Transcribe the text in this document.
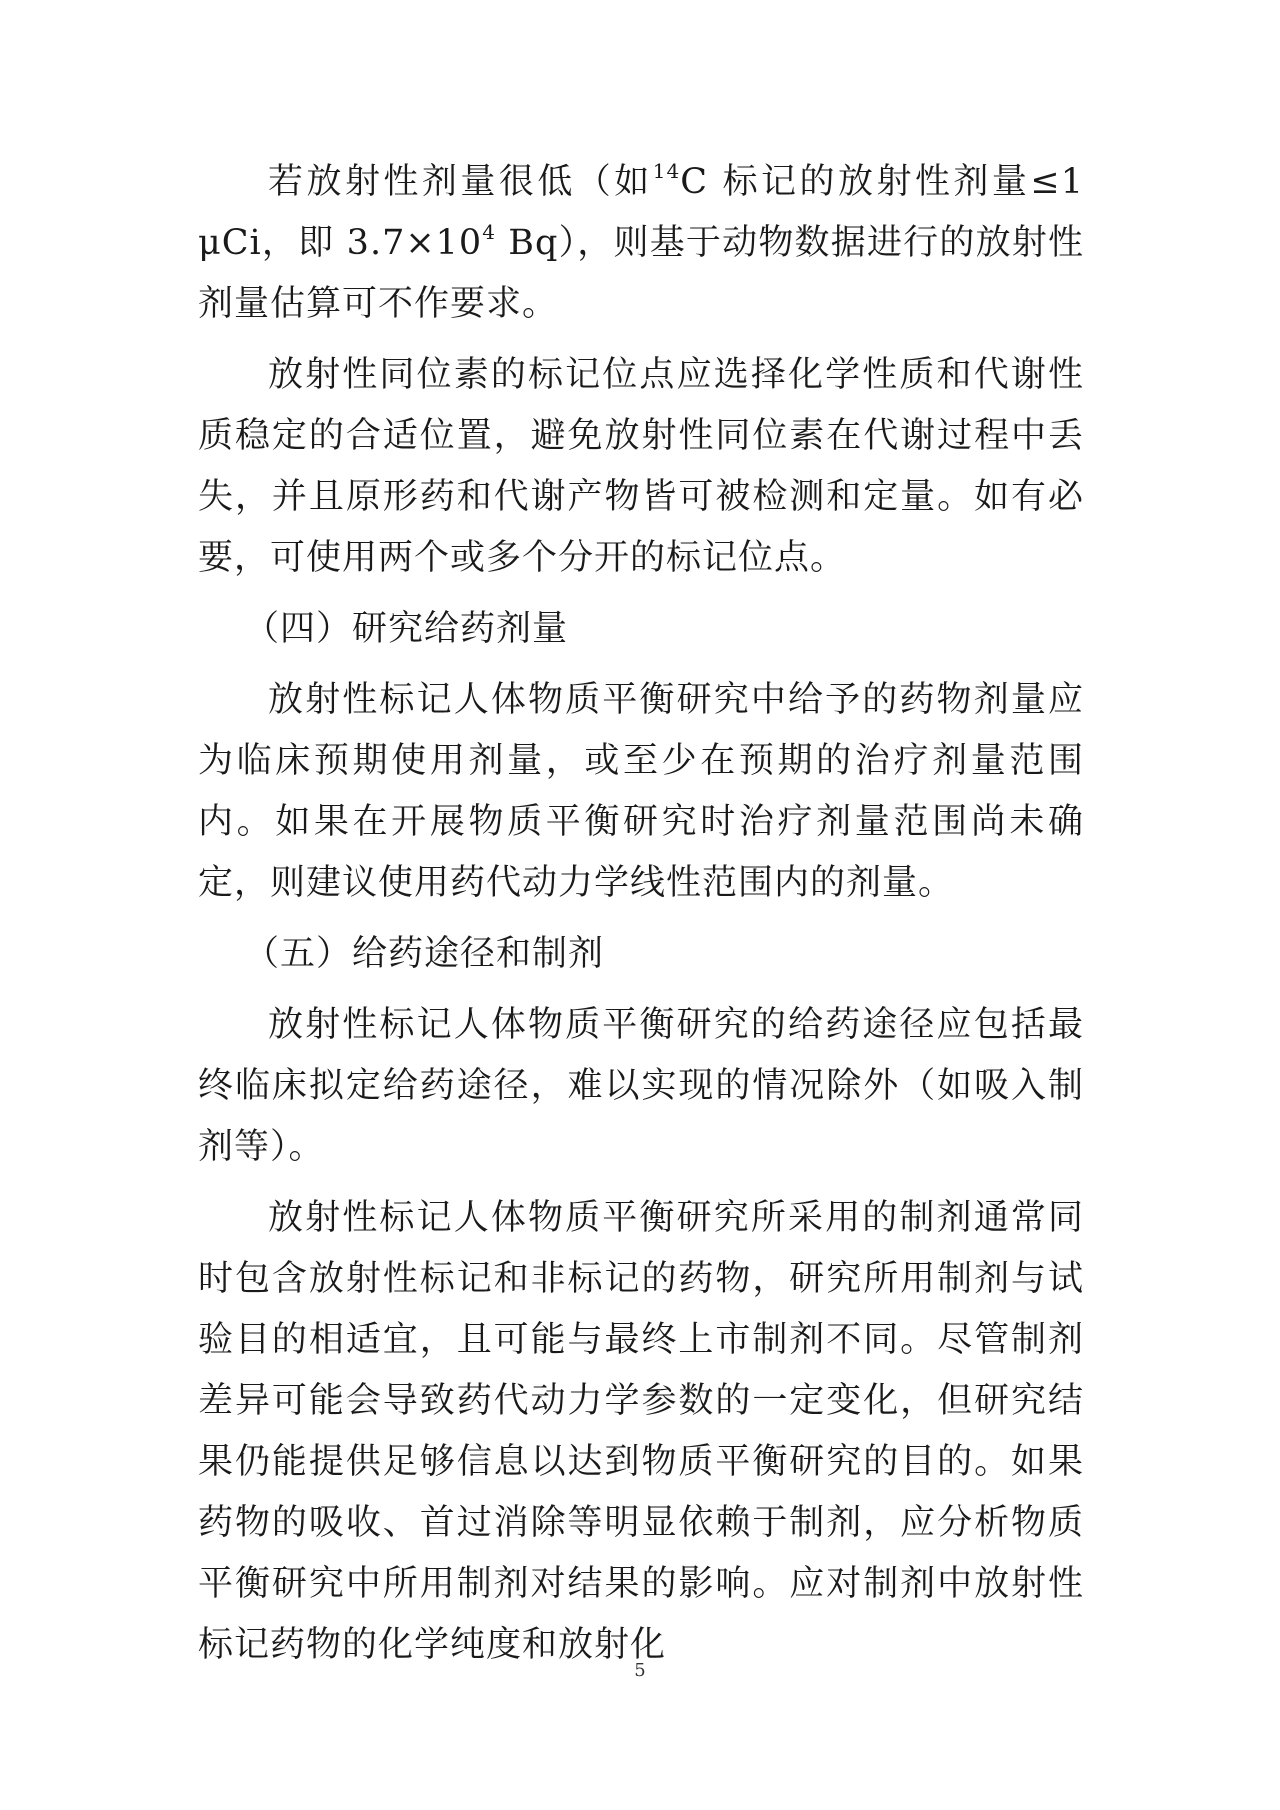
若放射性剂量很低（如$^{14}$C 标记的放射性剂量≤1 μCi，即 $3.7\times 10^4$ Bq），则基于动物数据进行的放射性剂量估算可不作要求。

放射性同位素的标记位点应选择化学性质和代谢性质稳定的合适位置，避免放射性同位素在代谢过程中丢失，并且原形药和代谢产物皆可被检测和定量。如有必要，可使用两个或多个分开的标记位点。

（四）研究给药剂量

放射性标记人体物质平衡研究中给予的药物剂量应为临床预期使用剂量，或至少在预期的治疗剂量范围内。如果在开展物质平衡研究时治疗剂量范围尚未确定，则建议使用药代动力学线性范围内的剂量。

（五）给药途径和制剂

放射性标记人体物质平衡研究的给药途径应包括最终临床拟定给药途径，难以实现的情况除外（如吸入制剂等）。

放射性标记人体物质平衡研究所采用的制剂通常同时包含放射性标记和非标记的药物，研究所用制剂与试验目的相适宜，且可能与最终上市制剂不同。尽管制剂差异可能会导致药代动力学参数的一定变化，但研究结果仍能提供足够信息以达到物质平衡研究的目的。如果药物的吸收、首过消除等明显依赖于制剂，应分析物质平衡研究中所用制剂对结果的影响。应对制剂中放射性标记药物的化学纯度和放射化

5
